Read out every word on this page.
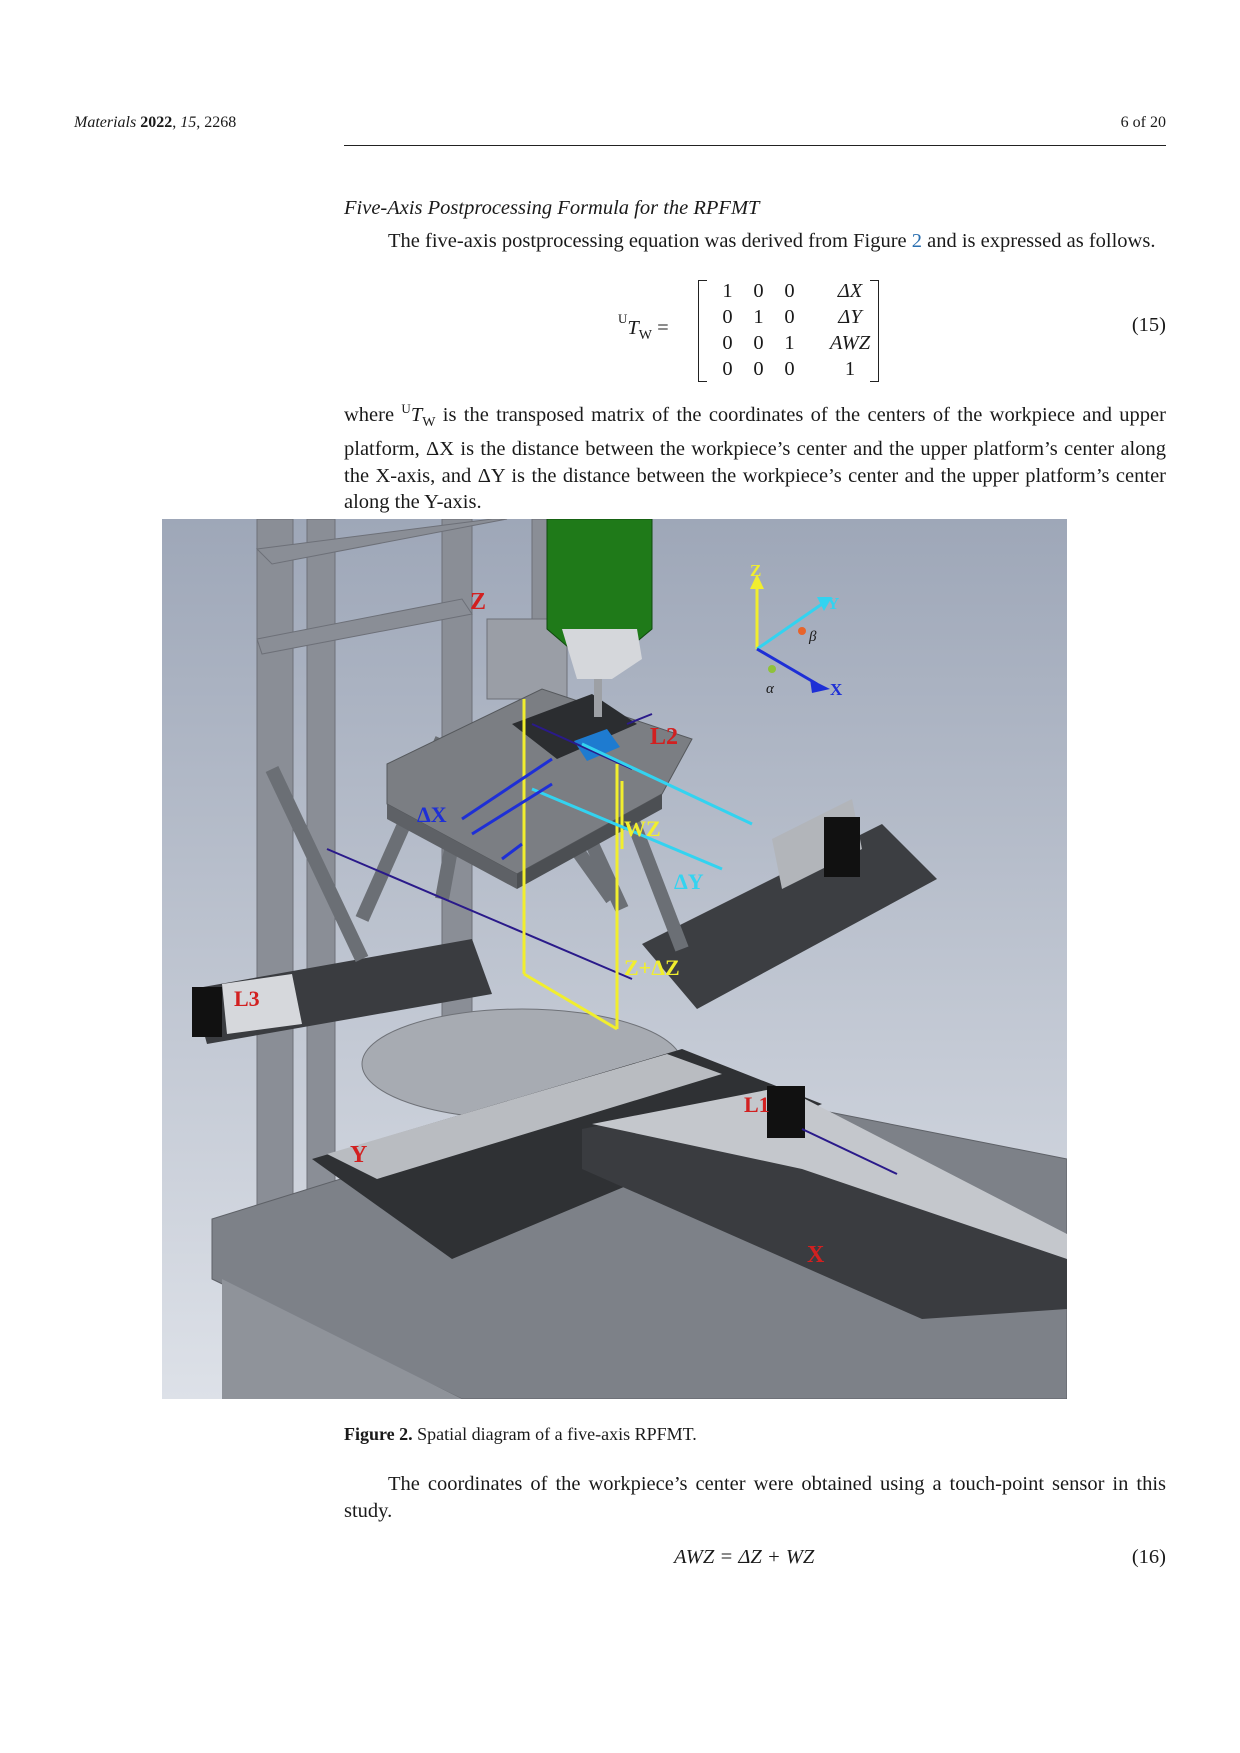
Materials 2022, 15, 2268	6 of 20
Five-Axis Postprocessing Formula for the RPFMT

The five-axis postprocessing equation was derived from Figure 2 and is expressed as follows.

$^UT_W$ =
1	0	0	ΔX
0	1	0	ΔY
0	0	1	AWZ
0	0	0	1
(15)

where $^UT_W$ is the transposed matrix of the coordinates of the centers of the workpiece and upper platform, ΔX is the distance between the workpiece’s center and the upper platform’s center along the X-axis, and ΔY is the distance between the workpiece’s center and the upper platform’s center along the Y-axis.

Z
Y
X
β
α
Z
L2
L3
L1
Y
X
ΔX
WZ
ΔY
Z+ΔZ
Figure 2. Spatial diagram of a five-axis RPFMT.

The coordinates of the workpiece’s center were obtained using a touch-point sensor in this study.

AWZ = ΔZ + WZ	(16)
